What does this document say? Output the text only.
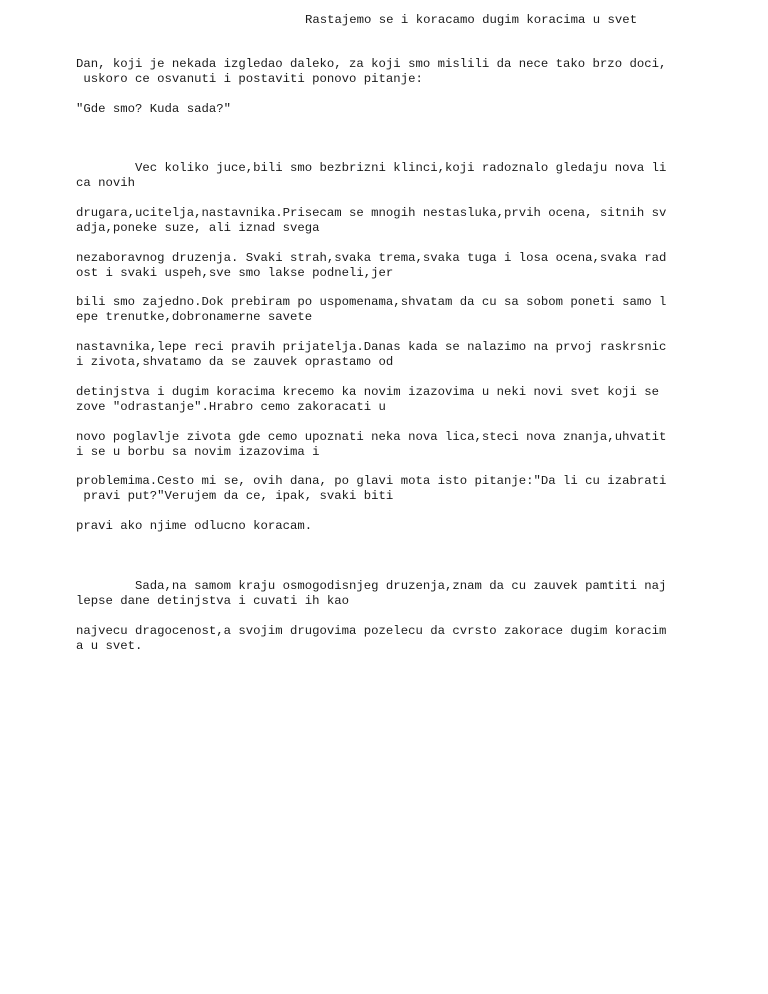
Rastajemo se i koracamo dugim koracima u svet
Dan, koji je nekada izgledao daleko, za koji smo mislili da nece tako brzo doci,
uskoro ce osvanuti i postaviti ponovo pitanje:
"Gde smo? Kuda sada?"
Vec koliko juce,bili smo bezbrizni klinci,koji radoznalo gledaju nova li
ca novih
drugara,ucitelja,nastavnika.Prisecam se mnogih nestasluka,prvih ocena, sitnih sv
adja,poneke suze, ali iznad svega
nezaboravnog druzenja. Svaki strah,svaka trema,svaka tuga i losa ocena,svaka rad
ost i svaki uspeh,sve smo lakse podneli,jer
bili smo zajedno.Dok prebiram po uspomenama,shvatam da cu sa sobom poneti samo l
epe trenutke,dobronamerne savete
nastavnika,lepe reci pravih prijatelja.Danas kada se nalazimo na prvoj raskrsnic
i zivota,shvatamo da se zauvek oprastamo od
detinjstva i dugim koracima krecemo ka novim izazovima u neki novi svet koji se
zove "odrastanje".Hrabro cemo zakoracati u
novo poglavlje zivota gde cemo upoznati neka nova lica,steci nova znanja,uhvatit
i se u borbu sa novim izazovima i
problemima.Cesto mi se, ovih dana, po glavi mota isto pitanje:"Da li cu izabrati
pravi put?"Verujem da ce, ipak, svaki biti
pravi ako njime odlucno koracam.
Sada,na samom kraju osmogodisnjeg druzenja,znam da cu zauvek pamtiti naj
lepse dane detinjstva i cuvati ih kao
najvecu dragocenost,a svojim drugovima pozelecu da cvrsto zakorace dugim koracim
a u svet.
